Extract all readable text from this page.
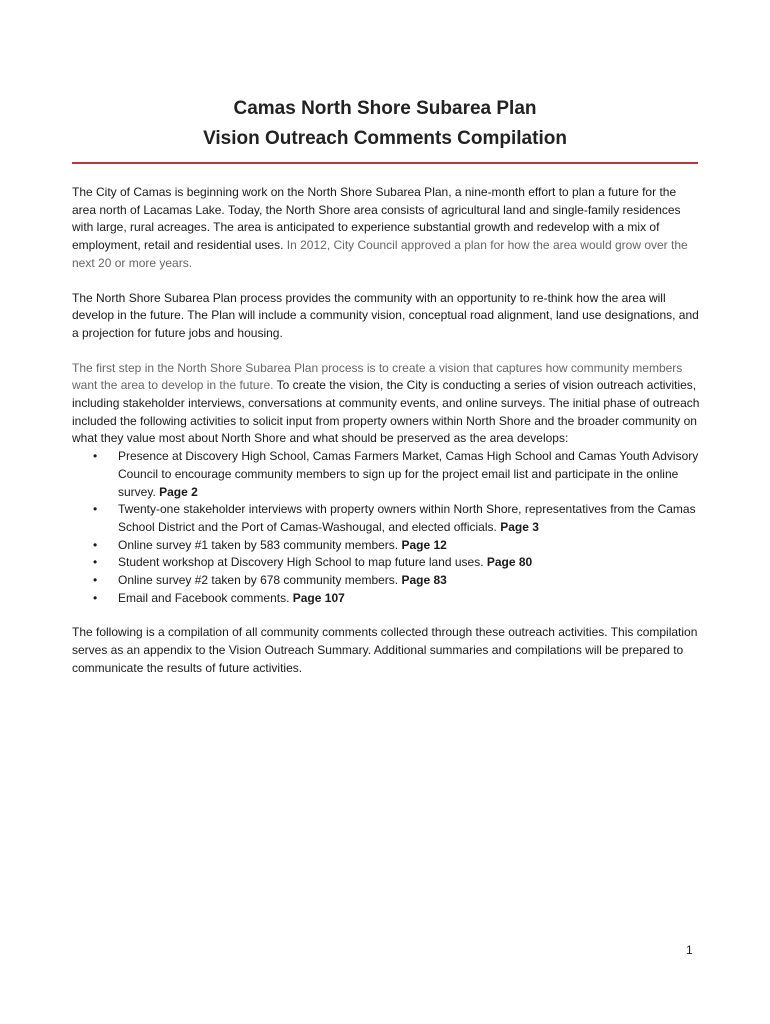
Camas North Shore Subarea Plan
Vision Outreach Comments Compilation

The City of Camas is beginning work on the North Shore Subarea Plan, a nine-month effort to plan a future for the area north of Lacamas Lake. Today, the North Shore area consists of agricultural land and single-family residences with large, rural acreages. The area is anticipated to experience substantial growth and redevelop with a mix of employment, retail and residential uses. In 2012, City Council approved a plan for how the area would grow over the next 20 or more years.

The North Shore Subarea Plan process provides the community with an opportunity to re-think how the area will develop in the future. The Plan will include a community vision, conceptual road alignment, land use designations, and a projection for future jobs and housing.

The first step in the North Shore Subarea Plan process is to create a vision that captures how community members want the area to develop in the future. To create the vision, the City is conducting a series of vision outreach activities, including stakeholder interviews, conversations at community events, and online surveys. The initial phase of outreach included the following activities to solicit input from property owners within North Shore and the broader community on what they value most about North Shore and what should be preserved as the area develops:

• Presence at Discovery High School, Camas Farmers Market, Camas High School and Camas Youth Advisory Council to encourage community members to sign up for the project email list and participate in the online survey. Page 2
• Twenty-one stakeholder interviews with property owners within North Shore, representatives from the Camas School District and the Port of Camas-Washougal, and elected officials. Page 3
• Online survey #1 taken by 583 community members. Page 12
• Student workshop at Discovery High School to map future land uses. Page 80
• Online survey #2 taken by 678 community members. Page 83
• Email and Facebook comments. Page 107

The following is a compilation of all community comments collected through these outreach activities. This compilation serves as an appendix to the Vision Outreach Summary. Additional summaries and compilations will be prepared to communicate the results of future activities.

1
